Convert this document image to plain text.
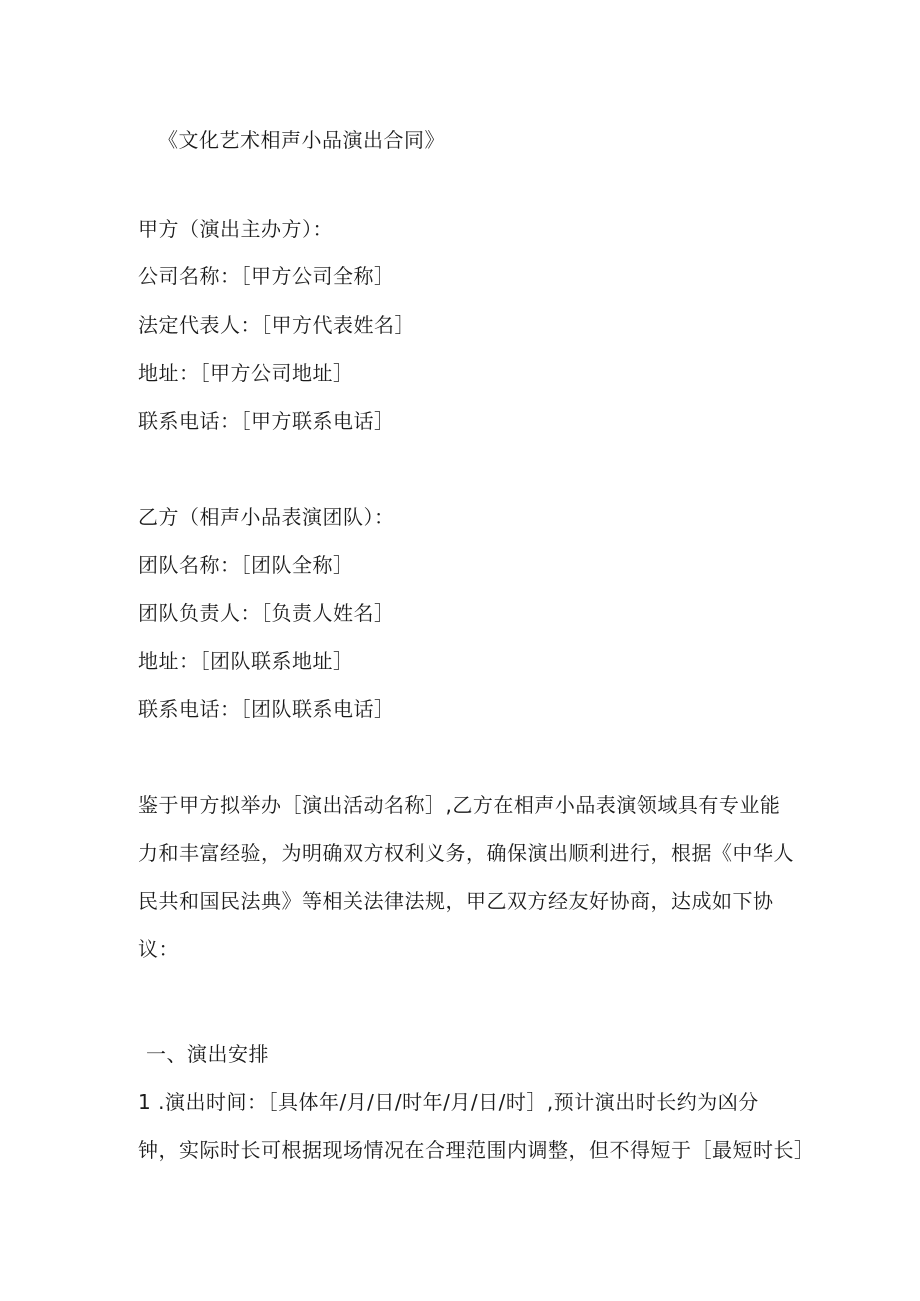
《文化艺术相声小品演出合同》
甲方（演出主办方）：
公司名称：［甲方公司全称］
法定代表人：［甲方代表姓名］
地址：［甲方公司地址］
联系电话：［甲方联系电话］
乙方（相声小品表演团队）：
团队名称：［团队全称］
团队负责人：［负责人姓名］
地址：［团队联系地址］
联系电话：［团队联系电话］
鉴于甲方拟举办［演出活动名称］,乙方在相声小品表演领域具有专业能
力和丰富经验，为明确双方权利义务，确保演出顺利进行，根据《中华人
民共和国民法典》等相关法律法规，甲乙双方经友好协商，达成如下协
议：
一、演出安排
1 .演出时间：［具体年/月/日/时年/月/日/时］,预计演出时长约为凶分
钟，实际时长可根据现场情况在合理范围内调整，但不得短于［最短时长］
